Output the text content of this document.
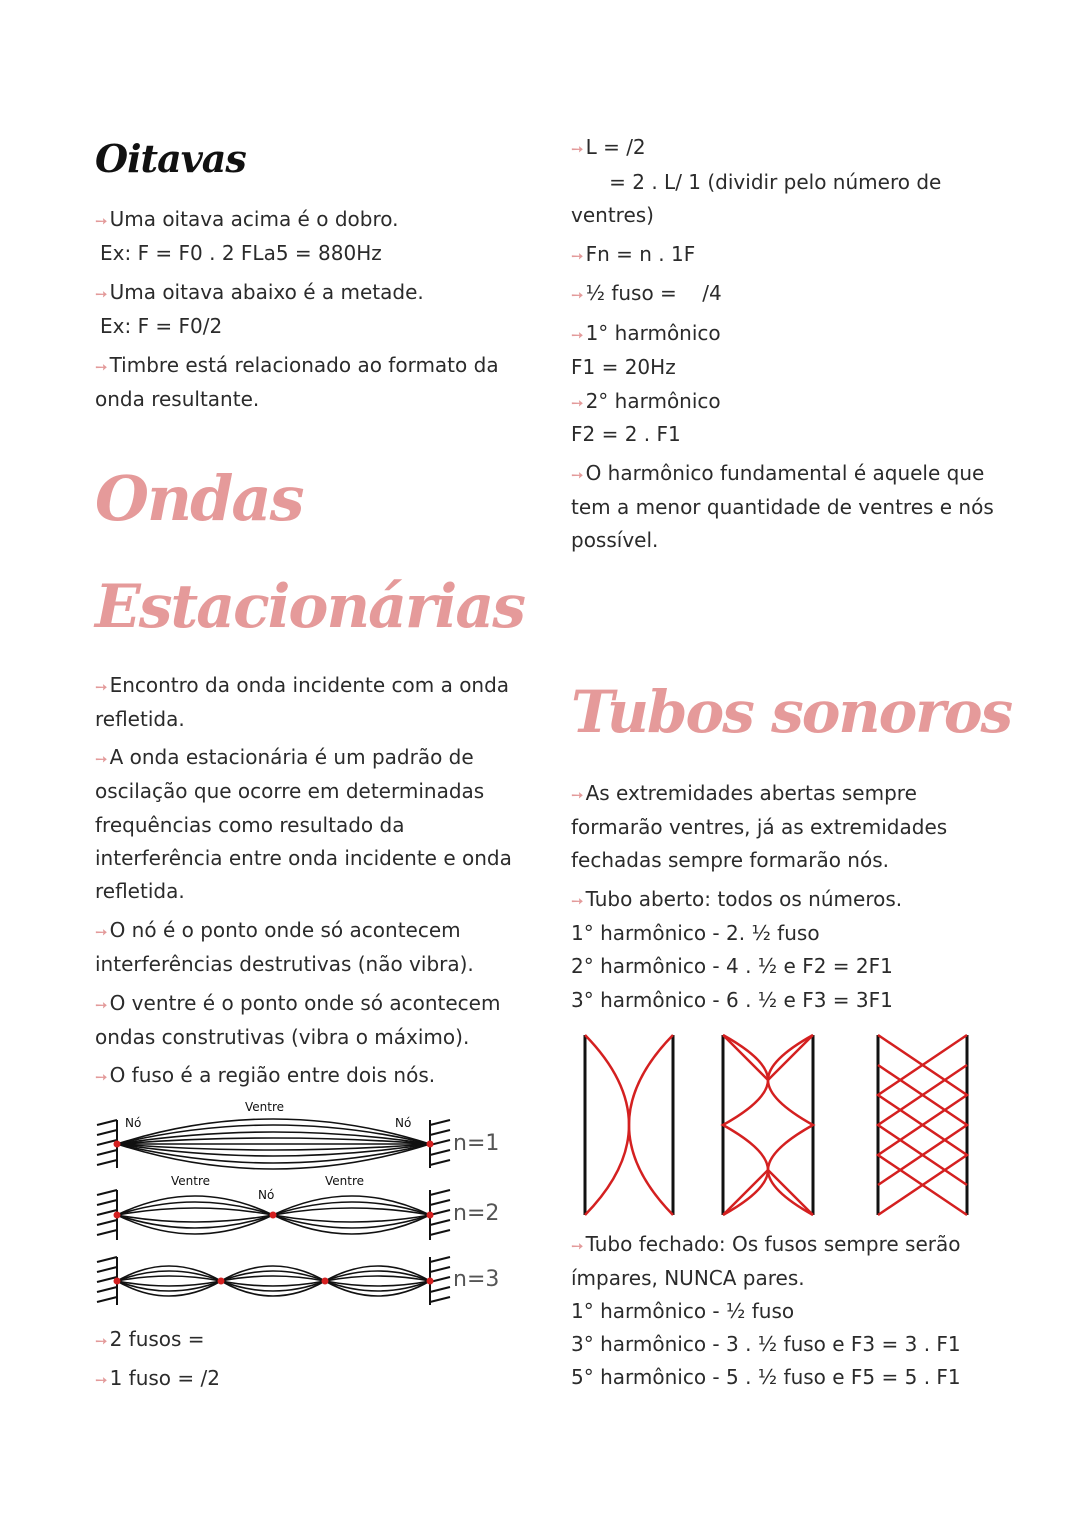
Oitavas
➙ Uma oitava acima é o dobro.
Ex: F = F0 . 2 FLa5 = 880Hz
➙ Uma oitava abaixo é a metade.
Ex: F = F0/2
➙ Timbre está relacionado ao formato da
onda resultante.
Ondas
Estacionárias
➙ Encontro da onda incidente com a onda
refletida.
➙ A onda estacionária é um padrão de
oscilação que ocorre em determinadas
frequências como resultado da
interferência entre onda incidente e onda
refletida.
➙ O nó é o ponto onde só acontecem
interferências destrutivas (não vibra).
➙ O ventre é o ponto onde só acontecem
ondas construtivas (vibra o máximo).
➙ O fuso é a região entre dois nós.
Nó	Nó
Ventre
n=1
Ventre	Ventre
Nó
n=2
n=3
➙ 2 fusos =
➙ 1 fuso = /2
➙ L = /2
= 2 . L/ 1 (dividir pelo número de
ventres)
➙ Fn = n . 1F
➙ ½ fuso =    /4
➙ 1° harmônico
F1 = 20Hz
➙ 2° harmônico
F2 = 2 . F1
➙ O harmônico fundamental é aquele que
tem a menor quantidade de ventres e nós
possível.
Tubos sonoros
➙ As extremidades abertas sempre
formarão ventres, já as extremidades
fechadas sempre formarão nós.
➙ Tubo aberto: todos os números.
1° harmônico - 2. ½ fuso
2° harmônico - 4 . ½ e F2 = 2F1
3° harmônico - 6 . ½ e F3 = 3F1
➙ Tubo fechado: Os fusos sempre serão
ímpares, NUNCA pares.
1° harmônico - ½ fuso
3° harmônico - 3 . ½ fuso e F3 = 3 . F1
5° harmônico - 5 . ½ fuso e F5 = 5 . F1
